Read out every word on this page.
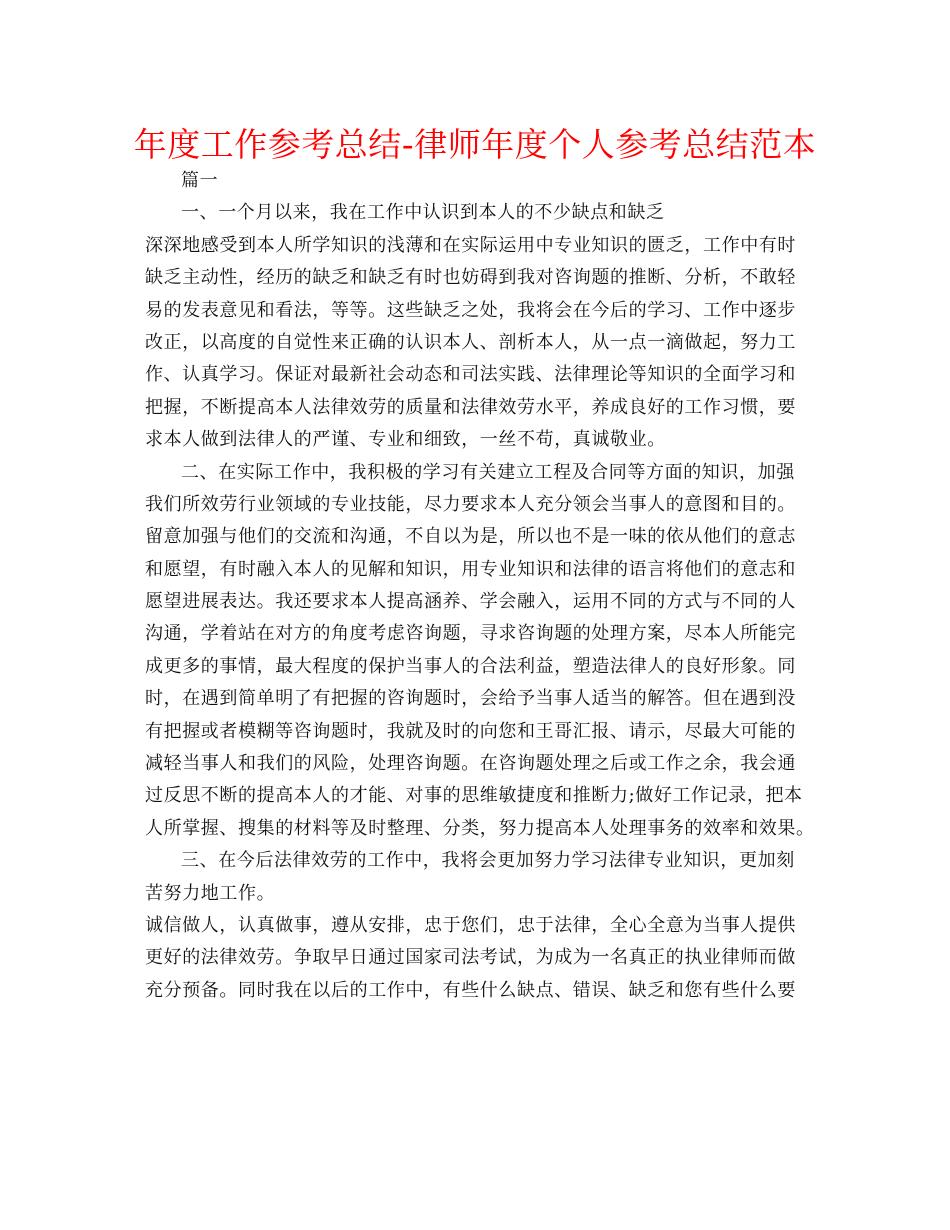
年度工作参考总结-律师年度个人参考总结范本
篇一
一、一个月以来，我在工作中认识到本人的不少缺点和缺乏
深深地感受到本人所学知识的浅薄和在实际运用中专业知识的匮乏，工作中有时
缺乏主动性，经历的缺乏和缺乏有时也妨碍到我对咨询题的推断、分析，不敢轻
易的发表意见和看法，等等。这些缺乏之处，我将会在今后的学习、工作中逐步
改正，以高度的自觉性来正确的认识本人、剖析本人，从一点一滴做起，努力工
作、认真学习。保证对最新社会动态和司法实践、法律理论等知识的全面学习和
把握，不断提高本人法律效劳的质量和法律效劳水平，养成良好的工作习惯，要
求本人做到法律人的严谨、专业和细致，一丝不苟，真诚敬业。
二、在实际工作中，我积极的学习有关建立工程及合同等方面的知识，加强
我们所效劳行业领域的专业技能，尽力要求本人充分领会当事人的意图和目的。
留意加强与他们的交流和沟通，不自以为是，所以也不是一味的依从他们的意志
和愿望，有时融入本人的见解和知识，用专业知识和法律的语言将他们的意志和
愿望进展表达。我还要求本人提高涵养、学会融入，运用不同的方式与不同的人
沟通，学着站在对方的角度考虑咨询题，寻求咨询题的处理方案，尽本人所能完
成更多的事情，最大程度的保护当事人的合法利益，塑造法律人的良好形象。同
时，在遇到简单明了有把握的咨询题时，会给予当事人适当的解答。但在遇到没
有把握或者模糊等咨询题时，我就及时的向您和王哥汇报、请示，尽最大可能的
减轻当事人和我们的风险，处理咨询题。在咨询题处理之后或工作之余，我会通
过反思不断的提高本人的才能、对事的思维敏捷度和推断力;做好工作记录，把本
人所掌握、搜集的材料等及时整理、分类，努力提高本人处理事务的效率和效果。
三、在今后法律效劳的工作中，我将会更加努力学习法律专业知识，更加刻
苦努力地工作。
诚信做人，认真做事，遵从安排，忠于您们，忠于法律，全心全意为当事人提供
更好的法律效劳。争取早日通过国家司法考试，为成为一名真正的执业律师而做
充分预备。同时我在以后的工作中，有些什么缺点、错误、缺乏和您有些什么要
